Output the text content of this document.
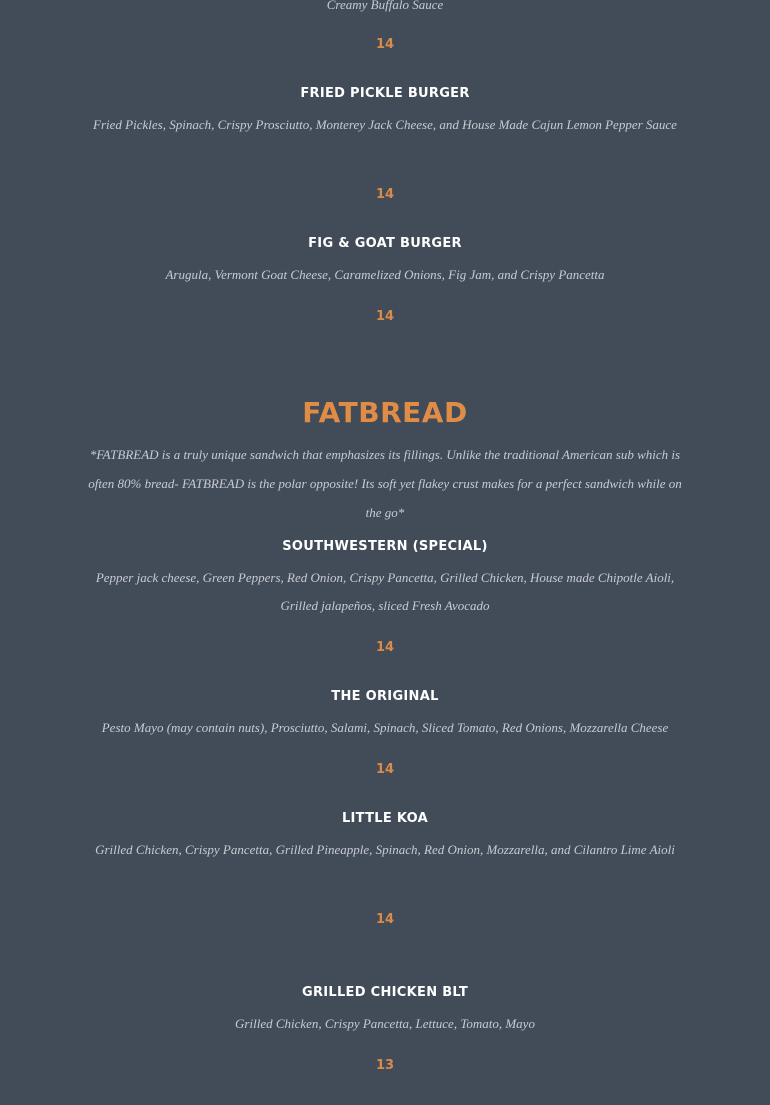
Creamy Buffalo Sauce
14
FRIED PICKLE BURGER
Fried Pickles, Spinach, Crispy Prosciutto, Monterey Jack Cheese, and House Made Cajun Lemon Pepper Sauce
14
FIG & GOAT BURGER
Arugula, Vermont Goat Cheese, Caramelized Onions, Fig Jam, and Crispy Pancetta
14
FATBREAD
*FATBREAD is a truly unique sandwich that emphasizes its fillings. Unlike the traditional American sub which is often 80% bread- FATBREAD is the polar opposite! Its soft yet flakey crust makes for a perfect sandwich while on the go*
SOUTHWESTERN (SPECIAL)
Pepper jack cheese, Green Peppers, Red Onion, Crispy Pancetta, Grilled Chicken, House made Chipotle Aioli, Grilled jalapeños, sliced Fresh Avocado
14
THE ORIGINAL
Pesto Mayo (may contain nuts), Prosciutto, Salami, Spinach, Sliced Tomato, Red Onions, Mozzarella Cheese
14
LITTLE KOA
Grilled Chicken, Crispy Pancetta, Grilled Pineapple, Spinach, Red Onion, Mozzarella, and Cilantro Lime Aioli
14
GRILLED CHICKEN BLT
Grilled Chicken, Crispy Pancetta, Lettuce, Tomato, Mayo
13
